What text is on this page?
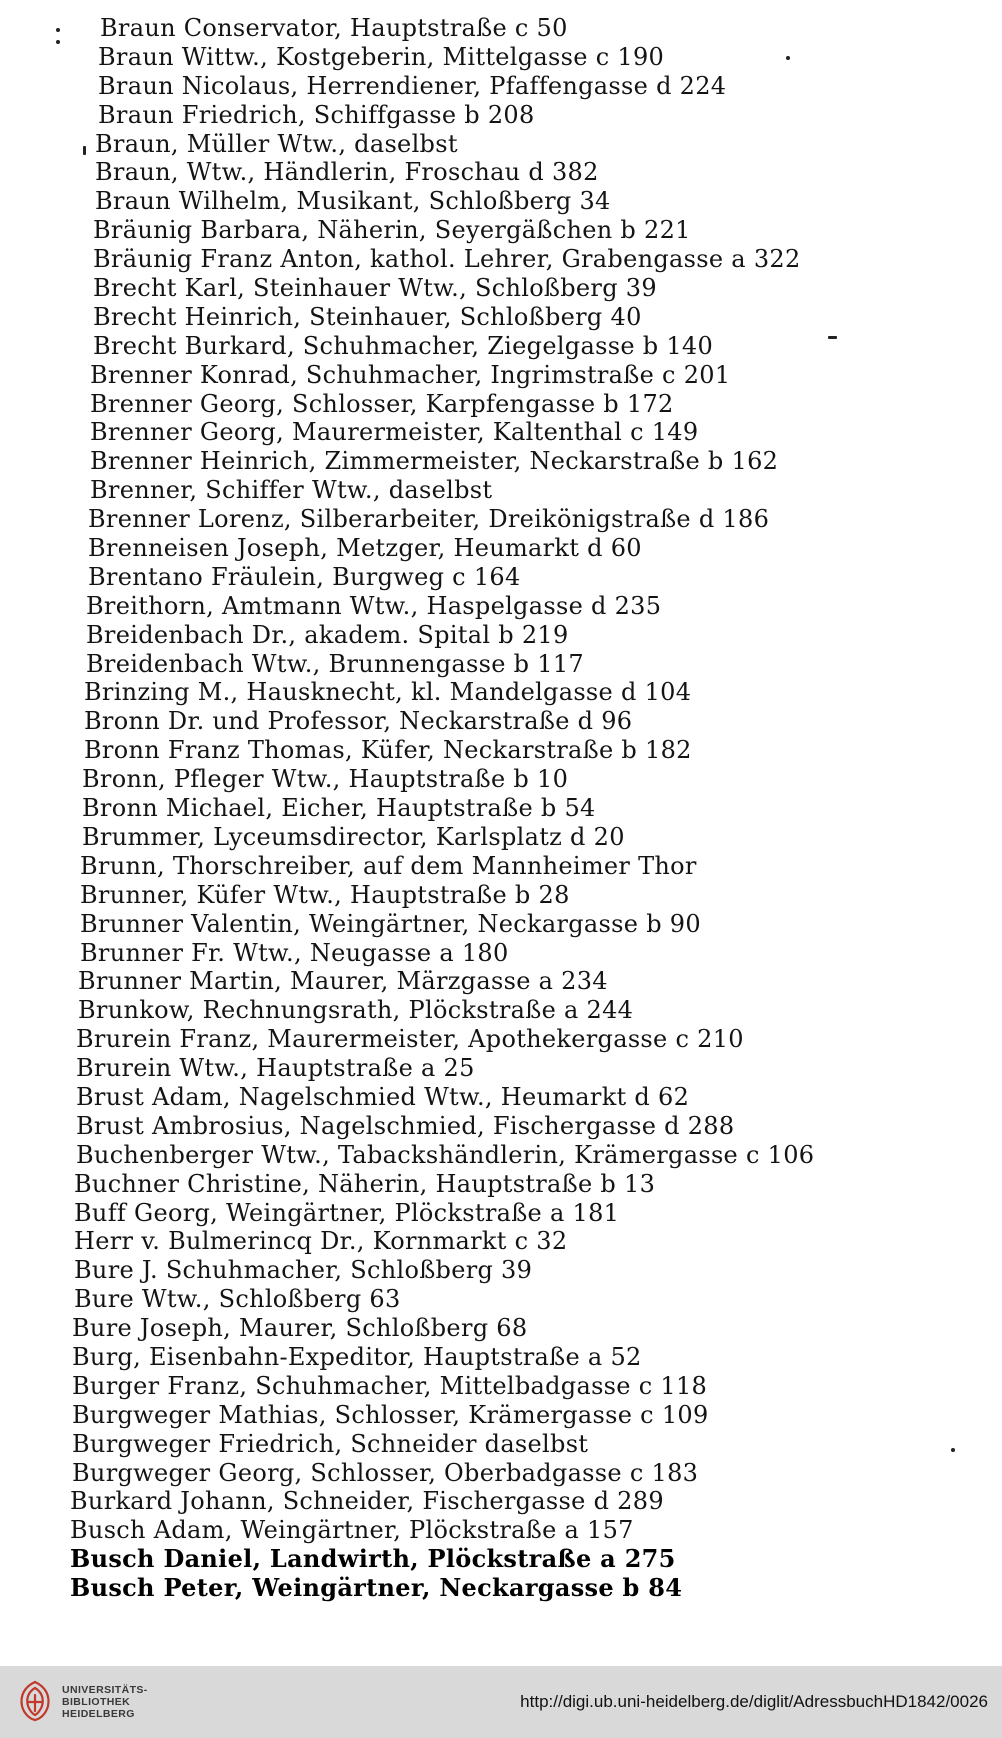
Braun Conservator, Hauptstraße c 50
Braun Wittw., Kostgeberin, Mittelgasse c 190
Braun Nicolaus, Herrendiener, Pfaffengasse d 224
Braun Friedrich, Schiffgasse b 208
Braun, Müller Wtw., daselbst
Braun, Wtw., Händlerin, Froschau d 382
Braun Wilhelm, Musikant, Schloßberg 34
Bräunig Barbara, Näherin, Seyergäßchen b 221
Bräunig Franz Anton, kathol. Lehrer, Grabengasse a 322
Brecht Karl, Steinhauer Wtw., Schloßberg 39
Brecht Heinrich, Steinhauer, Schloßberg 40
Brecht Burkard, Schuhmacher, Ziegelgasse b 140
Brenner Konrad, Schuhmacher, Ingrimstraße c 201
Brenner Georg, Schlosser, Karpfengasse b 172
Brenner Georg, Maurermeister, Kaltenthal c 149
Brenner Heinrich, Zimmermeister, Neckarstraße b 162
Brenner, Schiffer Wtw., daselbst
Brenner Lorenz, Silberarbeiter, Dreikönigstraße d 186
Brenneisen Joseph, Metzger, Heumarkt d 60
Brentano Fräulein, Burgweg c 164
Breithorn, Amtmann Wtw., Haspelgasse d 235
Breidenbach Dr., akadem. Spital b 219
Breidenbach Wtw., Brunnengasse b 117
Brinzing M., Hausknecht, kl. Mandelgasse d 104
Bronn Dr. und Professor, Neckarstraße d 96
Bronn Franz Thomas, Küfer, Neckarstraße b 182
Bronn, Pfleger Wtw., Hauptstraße b 10
Bronn Michael, Eicher, Hauptstraße b 54
Brummer, Lyceumsdirector, Karlsplatz d 20
Brunn, Thorschreiber, auf dem Mannheimer Thor
Brunner, Küfer Wtw., Hauptstraße b 28
Brunner Valentin, Weingärtner, Neckargasse b 90
Brunner Fr. Wtw., Neugasse a 180
Brunner Martin, Maurer, Märzgasse a 234
Brunkow, Rechnungsrath, Plöckstraße a 244
Brurein Franz, Maurermeister, Apothekergasse c 210
Brurein Wtw., Hauptstraße a 25
Brust Adam, Nagelschmied Wtw., Heumarkt d 62
Brust Ambrosius, Nagelschmied, Fischergasse d 288
Buchenberger Wtw., Tabackshändlerin, Krämergasse c 106
Buchner Christine, Näherin, Hauptstraße b 13
Buff Georg, Weingärtner, Plöckstraße a 181
Herr v. Bulmerincq Dr., Kornmarkt c 32
Bure J. Schuhmacher, Schloßberg 39
Bure Wtw., Schloßberg 63
Bure Joseph, Maurer, Schloßberg 68
Burg, Eisenbahn-Expeditor, Hauptstraße a 52
Burger Franz, Schuhmacher, Mittelbadgasse c 118
Burgweger Mathias, Schlosser, Krämergasse c 109
Burgweger Friedrich, Schneider daselbst
Burgweger Georg, Schlosser, Oberbadgasse c 183
Burkard Johann, Schneider, Fischergasse d 289
Busch Adam, Weingärtner, Plöckstraße a 157
Busch Daniel, Landwirth, Plöckstraße a 275
Busch Peter, Weingärtner, Neckargasse b 84
UNIVERSITÄTS-
BIBLIOTHEK
HEIDELBERG
http://digi.ub.uni-heidelberg.de/diglit/AdressbuchHD1842/0026
